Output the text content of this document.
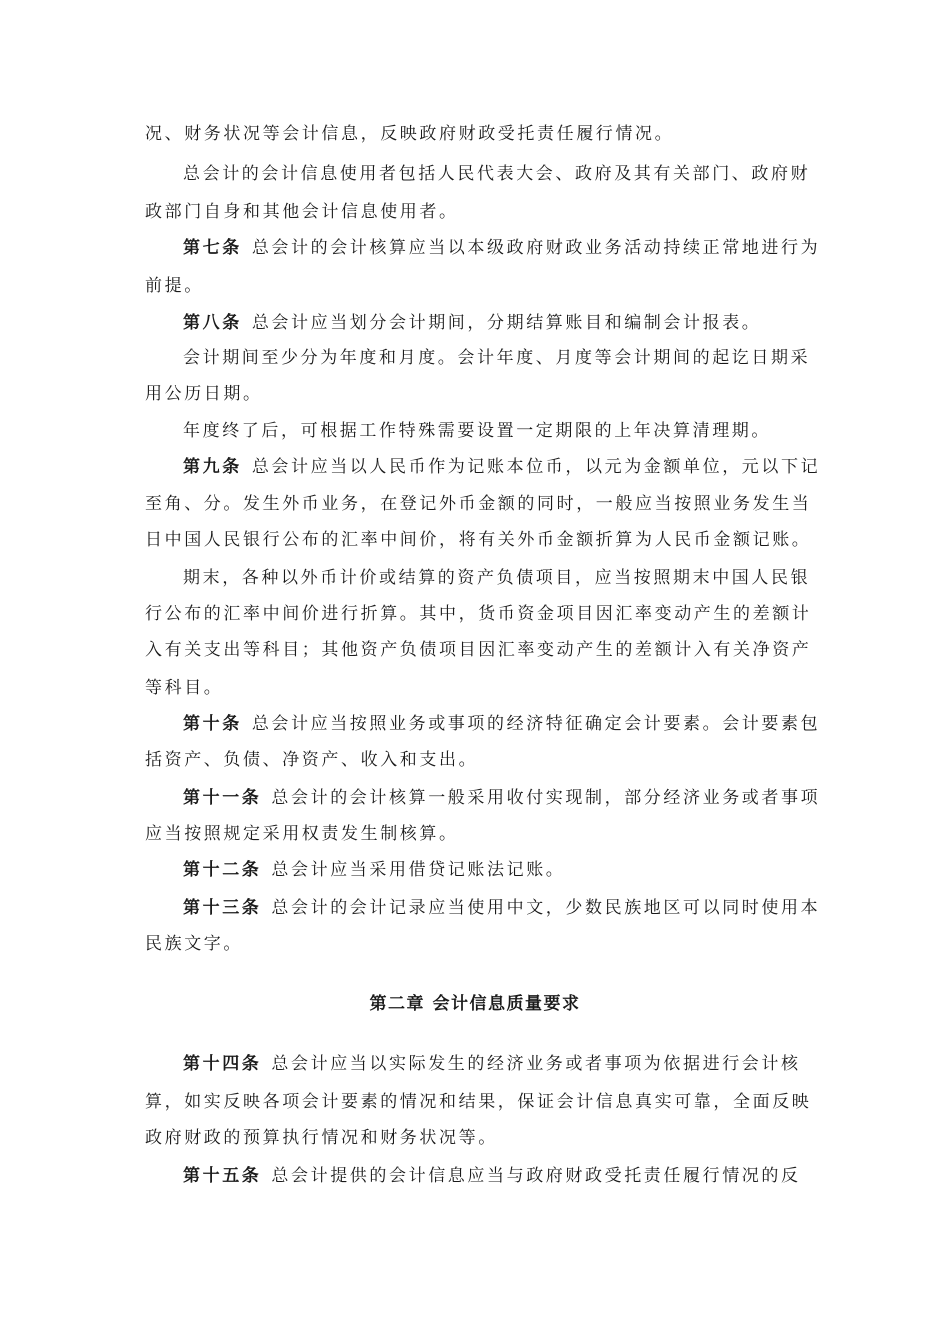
况、财务状况等会计信息，反映政府财政受托责任履行情况。
总会计的会计信息使用者包括人民代表大会、政府及其有关部门、政府财
政部门自身和其他会计信息使用者。
第七条 总会计的会计核算应当以本级政府财政业务活动持续正常地进行为
前提。
第八条 总会计应当划分会计期间，分期结算账目和编制会计报表。
会计期间至少分为年度和月度。会计年度、月度等会计期间的起讫日期采
用公历日期。
年度终了后，可根据工作特殊需要设置一定期限的上年决算清理期。
第九条 总会计应当以人民币作为记账本位币，以元为金额单位，元以下记
至角、分。发生外币业务，在登记外币金额的同时，一般应当按照业务发生当
日中国人民银行公布的汇率中间价，将有关外币金额折算为人民币金额记账。
期末，各种以外币计价或结算的资产负债项目，应当按照期末中国人民银
行公布的汇率中间价进行折算。其中，货币资金项目因汇率变动产生的差额计
入有关支出等科目；其他资产负债项目因汇率变动产生的差额计入有关净资产
等科目。
第十条 总会计应当按照业务或事项的经济特征确定会计要素。会计要素包
括资产、负债、净资产、收入和支出。
第十一条 总会计的会计核算一般采用收付实现制，部分经济业务或者事项
应当按照规定采用权责发生制核算。
第十二条 总会计应当采用借贷记账法记账。
第十三条 总会计的会计记录应当使用中文，少数民族地区可以同时使用本
民族文字。
第二章 会计信息质量要求
第十四条 总会计应当以实际发生的经济业务或者事项为依据进行会计核
算，如实反映各项会计要素的情况和结果，保证会计信息真实可靠，全面反映
政府财政的预算执行情况和财务状况等。
第十五条 总会计提供的会计信息应当与政府财政受托责任履行情况的反
